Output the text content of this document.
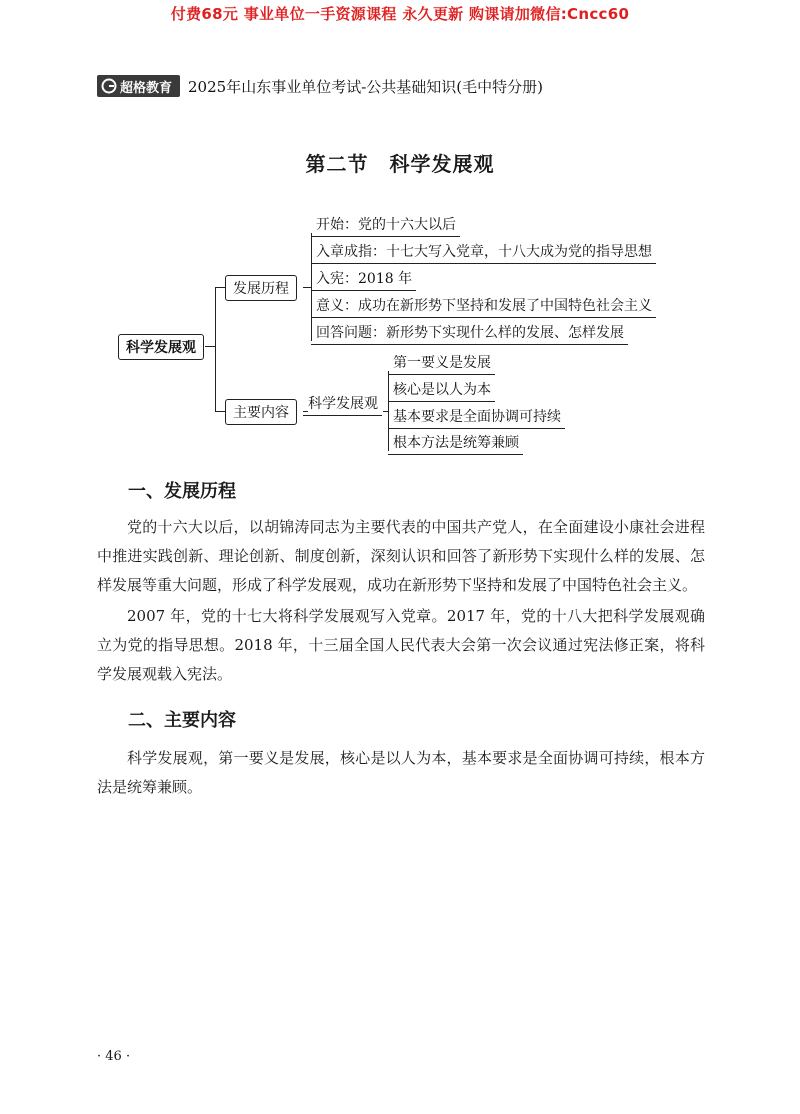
付费68元 事业单位一手资源课程 永久更新 购课请加微信:Cncc60
超格教育 2025年山东事业单位考试-公共基础知识(毛中特分册)
第二节　科学发展观
科学发展观
发展历程
主要内容
科学发展观
开始：党的十六大以后
入章成指：十七大写入党章，十八大成为党的指导思想
入宪：2018 年
意义：成功在新形势下坚持和发展了中国特色社会主义
回答问题：新形势下实现什么样的发展、怎样发展
第一要义是发展
核心是以人为本
基本要求是全面协调可持续
根本方法是统筹兼顾
一、发展历程
党的十六大以后，以胡锦涛同志为主要代表的中国共产党人，在全面建设小康社会进程中推进实践创新、理论创新、制度创新，深刻认识和回答了新形势下实现什么样的发展、怎样发展等重大问题，形成了科学发展观，成功在新形势下坚持和发展了中国特色社会主义。
2007 年，党的十七大将科学发展观写入党章。2017 年，党的十八大把科学发展观确立为党的指导思想。2018 年，十三届全国人民代表大会第一次会议通过宪法修正案，将科学发展观载入宪法。
二、主要内容
科学发展观，第一要义是发展，核心是以人为本，基本要求是全面协调可持续，根本方法是统筹兼顾。
· 46 ·
